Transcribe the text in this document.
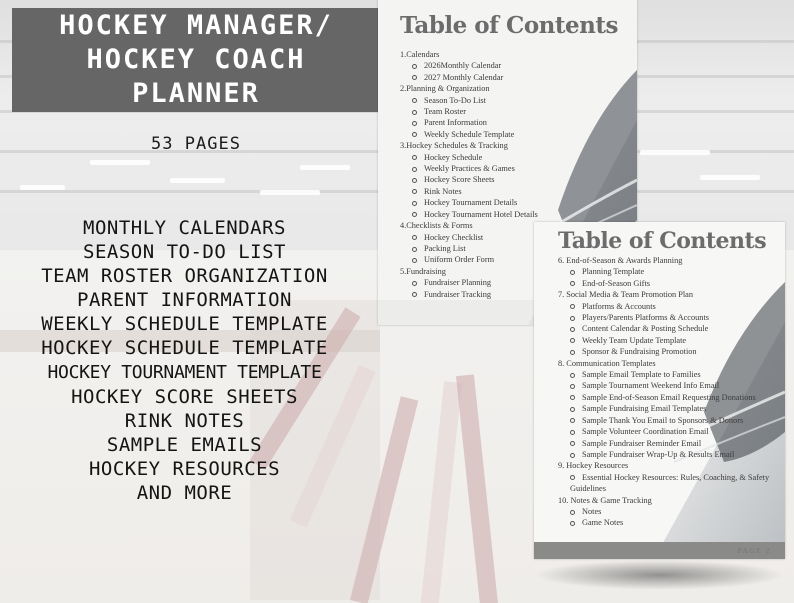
HOCKEY MANAGER/
HOCKEY COACH
PLANNER
53 PAGES
MONTHLY CALENDARS
SEASON TO-DO LIST
TEAM ROSTER ORGANIZATION
PARENT INFORMATION
WEEKLY SCHEDULE TEMPLATE
HOCKEY SCHEDULE TEMPLATE
HOCKEY TOURNAMENT TEMPLATE
HOCKEY SCORE SHEETS
RINK NOTES
SAMPLE EMAILS
HOCKEY RESOURCES
AND MORE
Table of Contents
1.Calendars
2026Monthly Calendar
2027 Monthly Calendar
2.Planning & Organization
Season To-Do List
Team Roster
Parent Information
Weekly Schedule Template
3.Hockey Schedules & Tracking
Hockey Schedule
Weekly Practices & Games
Hockey Score Sheets
Rink Notes
Hockey Tournament Details
Hockey Tournament Hotel Details
4.Checklists & Forms
Hockey Checklist
Packing List
Uniform Order Form
5.Fundraising
Fundraiser Planning
Fundraiser Tracking
Table of Contents
6. End-of-Season & Awards Planning
Planning Template
End-of-Season Gifts
7. Social Media & Team Promotion Plan
Platforms & Accounts
Players/Parents Platforms & Accounts
Content Calendar & Posting Schedule
Weekly Team Update Template
Sponsor & Fundraising Promotion
8. Communication Templates
Sample Email Template to Families
Sample Tournament Weekend Info Email
Sample End-of-Season Email Requesting Donations
Sample Fundraising Email Templates
Sample Thank You Email to Sponsors & Donors
Sample Volunteer Coordination Email
Sample Fundraiser Reminder Email
Sample Fundraiser Wrap-Up & Results Email
9. Hockey Resources
Essential Hockey Resources: Rules, Coaching, & Safety Guidelines
10. Notes & Game Tracking
Notes
Game Notes
PAGE 2
